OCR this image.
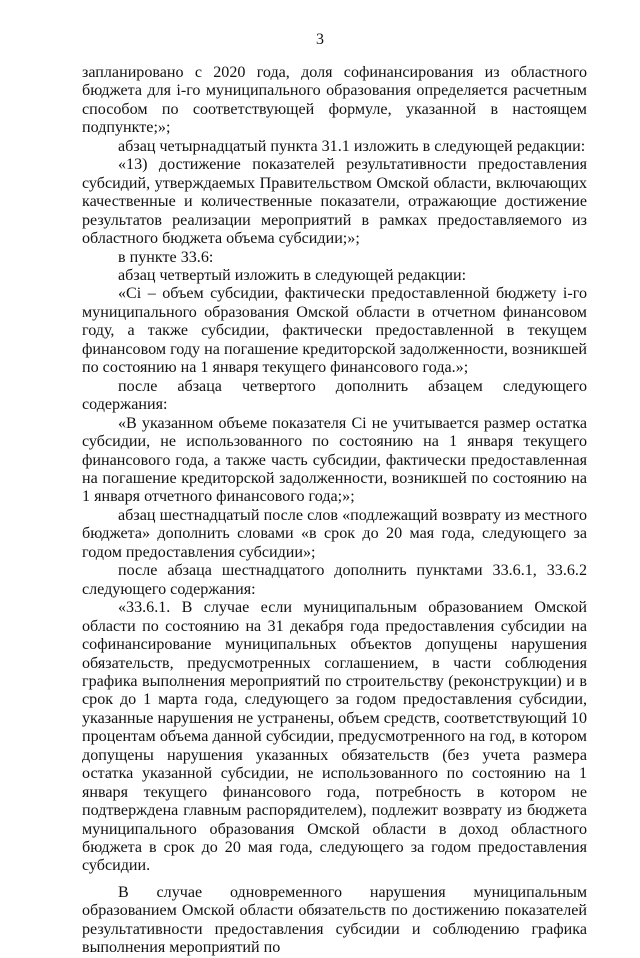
3

запланировано с 2020 года, доля софинансирования из областного бюджета для i-го муниципального образования определяется расчетным способом по соответствующей формуле, указанной в настоящем подпункте;»;

абзац четырнадцатый пункта 31.1 изложить в следующей редакции:

«13) достижение показателей результативности предоставления субсидий, утверждаемых Правительством Омской области, включающих качественные и количественные показатели, отражающие достижение результатов реализации мероприятий в рамках предоставляемого из областного бюджета объема субсидии;»;

в пункте 33.6:

абзац четвертый изложить в следующей редакции:

«Ci – объем субсидии, фактически предоставленной бюджету i-го муниципального образования Омской области в отчетном финансовом году, а также субсидии, фактически предоставленной в текущем финансовом году на погашение кредиторской задолженности, возникшей по состоянию на 1 января текущего финансового года.»;

после абзаца четвертого дополнить абзацем следующего содержания:

«В указанном объеме показателя Ci не учитывается размер остатка субсидии, не использованного по состоянию на 1 января текущего финансового года, а также часть субсидии, фактически предоставленная на погашение кредиторской задолженности, возникшей по состоянию на 1 января отчетного финансового года;»;

абзац шестнадцатый после слов «подлежащий возврату из местного бюджета» дополнить словами «в срок до 20 мая года, следующего за годом предоставления субсидии»;

после абзаца шестнадцатого дополнить пунктами 33.6.1, 33.6.2 следующего содержания:

«33.6.1. В случае если муниципальным образованием Омской области по состоянию на 31 декабря года предоставления субсидии на софинансирование муниципальных объектов допущены нарушения обязательств, предусмотренных соглашением, в части соблюдения графика выполнения мероприятий по строительству (реконструкции) и в срок до 1 марта года, следующего за годом предоставления субсидии, указанные нарушения не устранены, объем средств, соответствующий 10 процентам объема данной субсидии, предусмотренного на год, в котором допущены нарушения указанных обязательств (без учета размера остатка указанной субсидии, не использованного по состоянию на 1 января текущего финансового года, потребность в котором не подтверждена главным распорядителем), подлежит возврату из бюджета муниципального образования Омской области в доход областного бюджета в срок до 20 мая года, следующего за годом предоставления субсидии.

В случае одновременного нарушения муниципальным образованием Омской области обязательств по достижению показателей результативности предоставления субсидии и соблюдению графика выполнения мероприятий по
